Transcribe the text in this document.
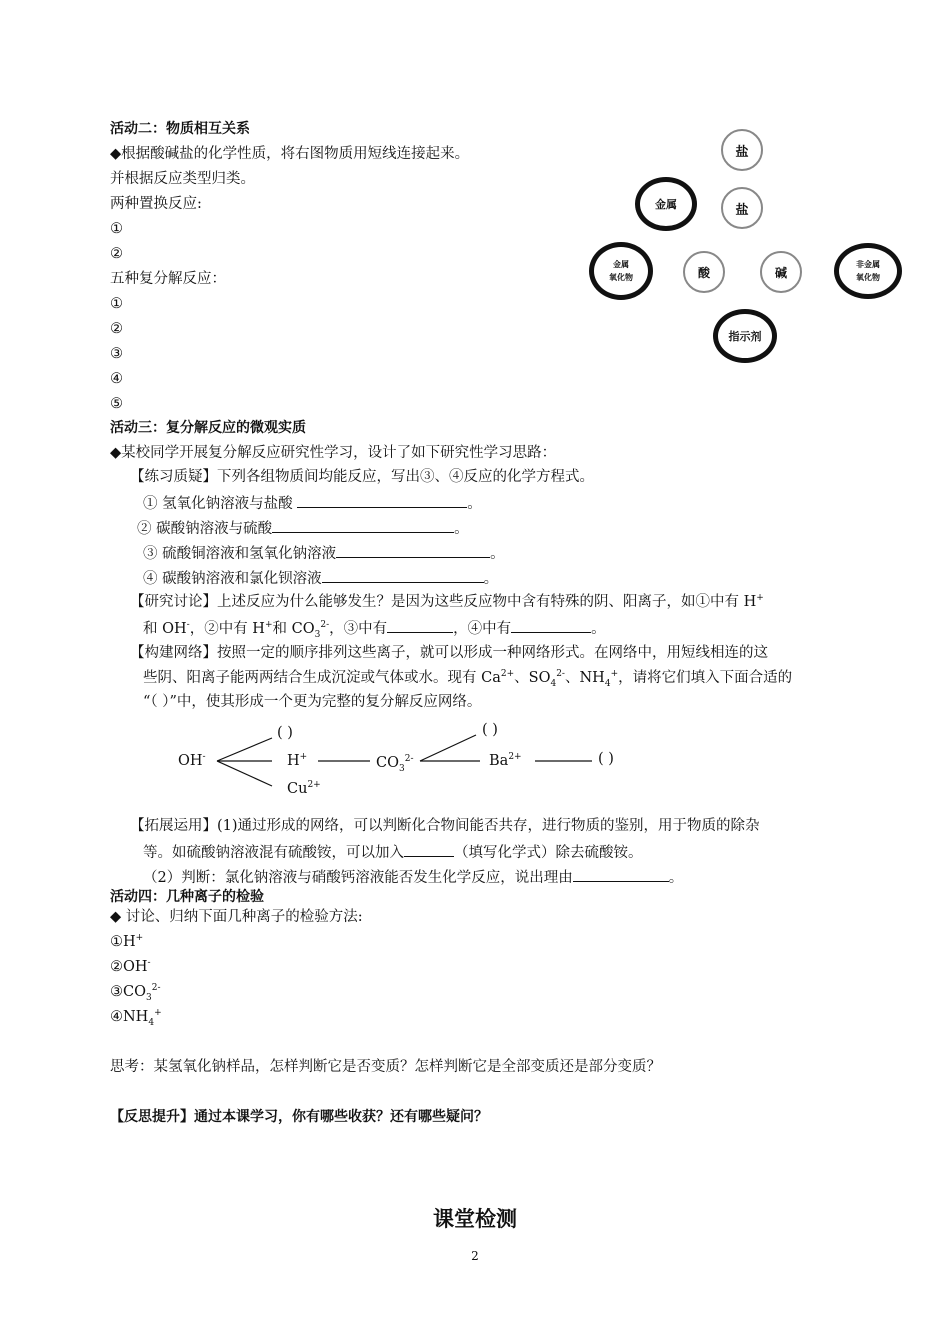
活动二：物质相互关系
◆根据酸碱盐的化学性质，将右图物质用短线连接起来。
并根据反应类型归类。
两种置换反应:
①
②
五种复分解反应：
①
②
③
④
⑤
盐
金属	盐
金属
氧化物	酸	碱
非金属
氧化物
指示剂
活动三：复分解反应的微观实质
◆某校同学开展复分解反应研究性学习，设计了如下研究性学习思路：
【练习质疑】下列各组物质间均能反应，写出③、④反应的化学方程式。
① 氢氧化钠溶液与盐酸	。
② 碳酸钠溶液与硫酸	。
③ 硫酸铜溶液和氢氧化钠溶液	。
④ 碳酸钠溶液和氯化钡溶液	。
【研究讨论】上述反应为什么能够发生？是因为这些反应物中含有特殊的阴、阳离子，如①中有 H+
和 OH-，②中有 H+和 $CO_3^{2-}$，③中有	，④中有	。
【构建网络】按照一定的顺序排列这些离子，就可以形成一种网络形式。在网络中，用短线相连的这
些阴、阳离子能两两结合生成沉淀或气体或水。现有 $Ca^{2+}$、$SO_4^{2-}$、$NH_4^+$，请将它们填入下面合适的
“（ ）”中，使其形成一个更为完整的复分解反应网络。
( )
OH-	H+	$CO_3^{2-}$
( )
$Ba^{2+}$	( )
$Cu^{2+}$
【拓展运用】(1)通过形成的网络，可以判断化合物间能否共存，进行物质的鉴别，用于物质的除杂
等。如硫酸钠溶液混有硫酸铵，可以加入	（填写化学式）除去硫酸铵。
（2）判断：氯化钠溶液与硝酸钙溶液能否发生化学反应，说出理由	。
活动四：几种离子的检验
◆ 讨论、归纳下面几种离子的检验方法:
①H+
②OH-
$③CO_3^{2-}$
$④NH_4^+$
思考：某氢氧化钠样品，怎样判断它是否变质？怎样判断它是全部变质还是部分变质？
【反思提升】通过本课学习，你有哪些收获？还有哪些疑问？
课堂检测
2
